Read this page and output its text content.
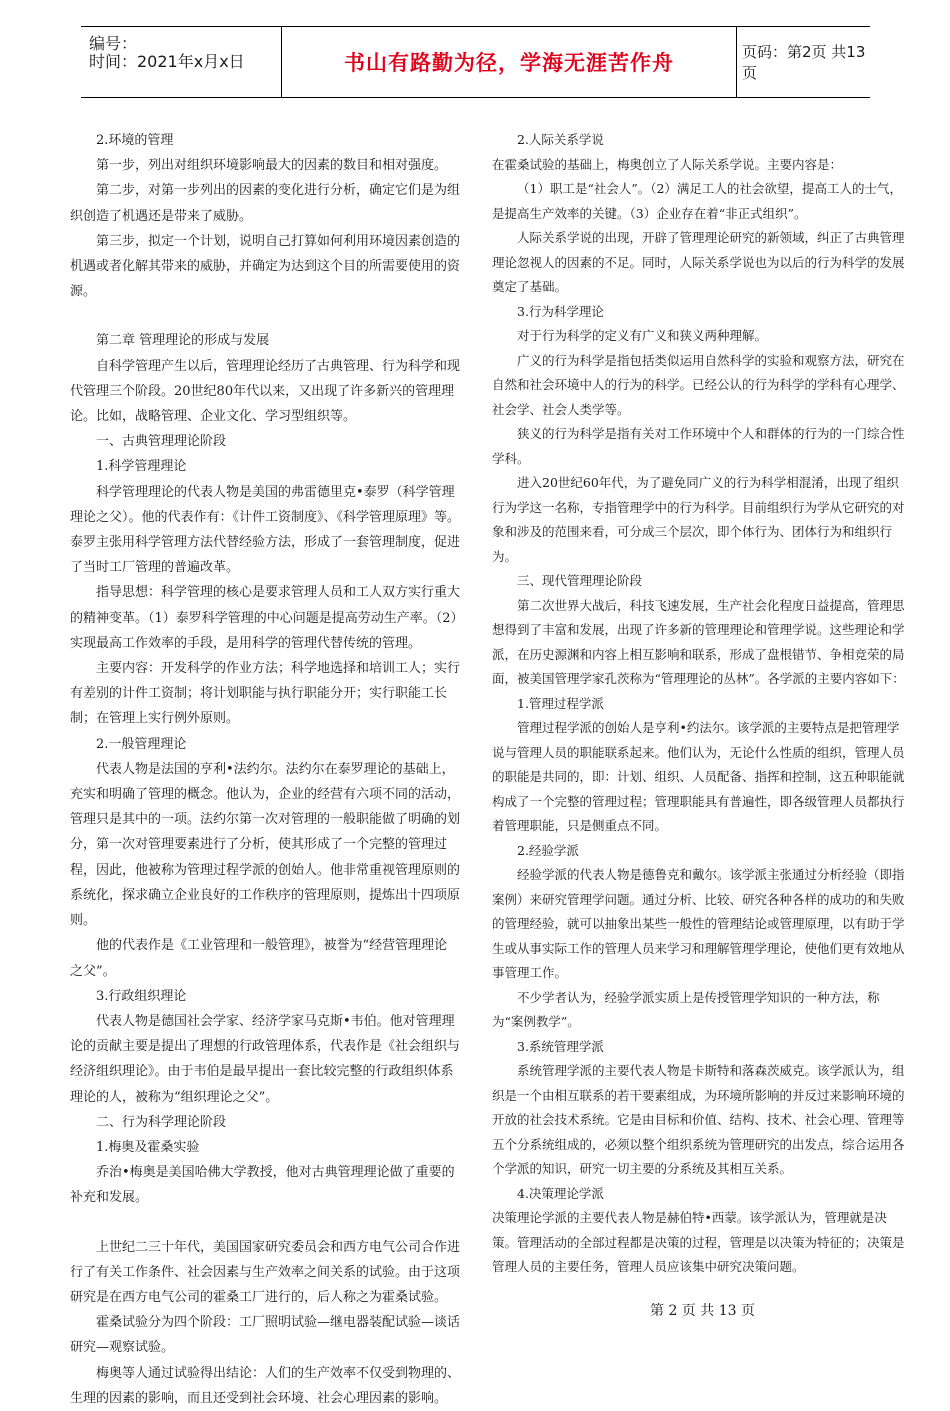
编号：
时间：2021年x月x日	书山有路勤为径，学海无涯苦作舟	页码：第2页 共13页

2.环境的管理

第一步，列出对组织环境影响最大的因素的数目和相对强度。

第二步，对第一步列出的因素的变化进行分析，确定它们是为组织创造了机遇还是带来了威胁。

第三步，拟定一个计划，说明自己打算如何利用环境因素创造的机遇或者化解其带来的威胁，并确定为达到这个目的所需要使用的资源。

第二章 管理理论的形成与发展

自科学管理产生以后，管理理论经历了古典管理、行为科学和现代管理三个阶段。20世纪80年代以来，又出现了许多新兴的管理理论。比如，战略管理、企业文化、学习型组织等。

一、古典管理理论阶段

1.科学管理理论

科学管理理论的代表人物是美国的弗雷德里克•泰罗（科学管理理论之父）。他的代表作有：《计件工资制度》、《科学管理原理》等。泰罗主张用科学管理方法代替经验方法，形成了一套管理制度，促进了当时工厂管理的普遍改革。

指导思想：科学管理的核心是要求管理人员和工人双方实行重大的精神变革。（1）泰罗科学管理的中心问题是提高劳动生产率。（2）实现最高工作效率的手段，是用科学的管理代替传统的管理。

主要内容：开发科学的作业方法；科学地选择和培训工人；实行有差别的计件工资制；将计划职能与执行职能分开；实行职能工长制；在管理上实行例外原则。

2.一般管理理论

代表人物是法国的亨利•法约尔。法约尔在泰罗理论的基础上，充实和明确了管理的概念。他认为，企业的经营有六项不同的活动，管理只是其中的一项。法约尔第一次对管理的一般职能做了明确的划分，第一次对管理要素进行了分析，使其形成了一个完整的管理过程，因此，他被称为管理过程学派的创始人。他非常重视管理原则的系统化，探求确立企业良好的工作秩序的管理原则，提炼出十四项原则。

他的代表作是《工业管理和一般管理》，被誉为“经营管理理论之父”。

3.行政组织理论

代表人物是德国社会学家、经济学家马克斯•韦伯。他对管理理论的贡献主要是提出了理想的行政管理体系，代表作是《社会组织与经济组织理论》。由于韦伯是最早提出一套比较完整的行政组织体系理论的人，被称为“组织理论之父”。

二、行为科学理论阶段

1.梅奥及霍桑实验

乔治•梅奥是美国哈佛大学教授，他对古典管理理论做了重要的补充和发展。

上世纪二三十年代，美国国家研究委员会和西方电气公司合作进行了有关工作条件、社会因素与生产效率之间关系的试验。由于这项研究是在西方电气公司的霍桑工厂进行的，后人称之为霍桑试验。

霍桑试验分为四个阶段：工厂照明试验—继电器装配试验—谈话研究—观察试验。

梅奥等人通过试验得出结论：人们的生产效率不仅受到物理的、生理的因素的影响，而且还受到社会环境、社会心理因素的影响。

2.人际关系学说

在霍桑试验的基础上，梅奥创立了人际关系学说。主要内容是：

（1）职工是“社会人”。（2）满足工人的社会欲望，提高工人的士气，是提高生产效率的关键。（3）企业存在着“非正式组织”。

人际关系学说的出现，开辟了管理理论研究的新领域，纠正了古典管理理论忽视人的因素的不足。同时，人际关系学说也为以后的行为科学的发展奠定了基础。

3.行为科学理论

对于行为科学的定义有广义和狭义两种理解。

广义的行为科学是指包括类似运用自然科学的实验和观察方法，研究在自然和社会环境中人的行为的科学。已经公认的行为科学的学科有心理学、社会学、社会人类学等。

狭义的行为科学是指有关对工作环境中个人和群体的行为的一门综合性学科。

进入20世纪60年代，为了避免同广义的行为科学相混淆，出现了组织行为学这一名称，专指管理学中的行为科学。目前组织行为学从它研究的对象和涉及的范围来看，可分成三个层次，即个体行为、团体行为和组织行为。

三、现代管理理论阶段

第二次世界大战后，科技飞速发展，生产社会化程度日益提高，管理思想得到了丰富和发展，出现了许多新的管理理论和管理学说。这些理论和学派，在历史源渊和内容上相互影响和联系，形成了盘根错节、争相竞荣的局面，被美国管理学家孔茨称为“管理理论的丛林”。各学派的主要内容如下：

1.管理过程学派

管理过程学派的创始人是亨利•约法尔。该学派的主要特点是把管理学说与管理人员的职能联系起来。他们认为，无论什么性质的组织，管理人员的职能是共同的，即：计划、组织、人员配备、指挥和控制，这五种职能就构成了一个完整的管理过程；管理职能具有普遍性，即各级管理人员都执行着管理职能，只是侧重点不同。

2.经验学派

经验学派的代表人物是德鲁克和戴尔。该学派主张通过分析经验（即指案例）来研究管理学问题。通过分析、比较、研究各种各样的成功的和失败的管理经验，就可以抽象出某些一般性的管理结论或管理原理，以有助于学生或从事实际工作的管理人员来学习和理解管理学理论，使他们更有效地从事管理工作。

不少学者认为，经验学派实质上是传授管理学知识的一种方法，称为“案例教学”。

3.系统管理学派

系统管理学派的主要代表人物是卡斯特和落森茨威克。该学派认为，组织是一个由相互联系的若干要素组成，为环境所影响的并反过来影响环境的开放的社会技术系统。它是由目标和价值、结构、技术、社会心理、管理等五个分系统组成的，必须以整个组织系统为管理研究的出发点，综合运用各个学派的知识，研究一切主要的分系统及其相互关系。

4.决策理论学派

决策理论学派的主要代表人物是赫伯特•西蒙。该学派认为，管理就是决策。管理活动的全部过程都是决策的过程，管理是以决策为特征的；决策是管理人员的主要任务，管理人员应该集中研究决策问题。

第 2 页 共 13 页
